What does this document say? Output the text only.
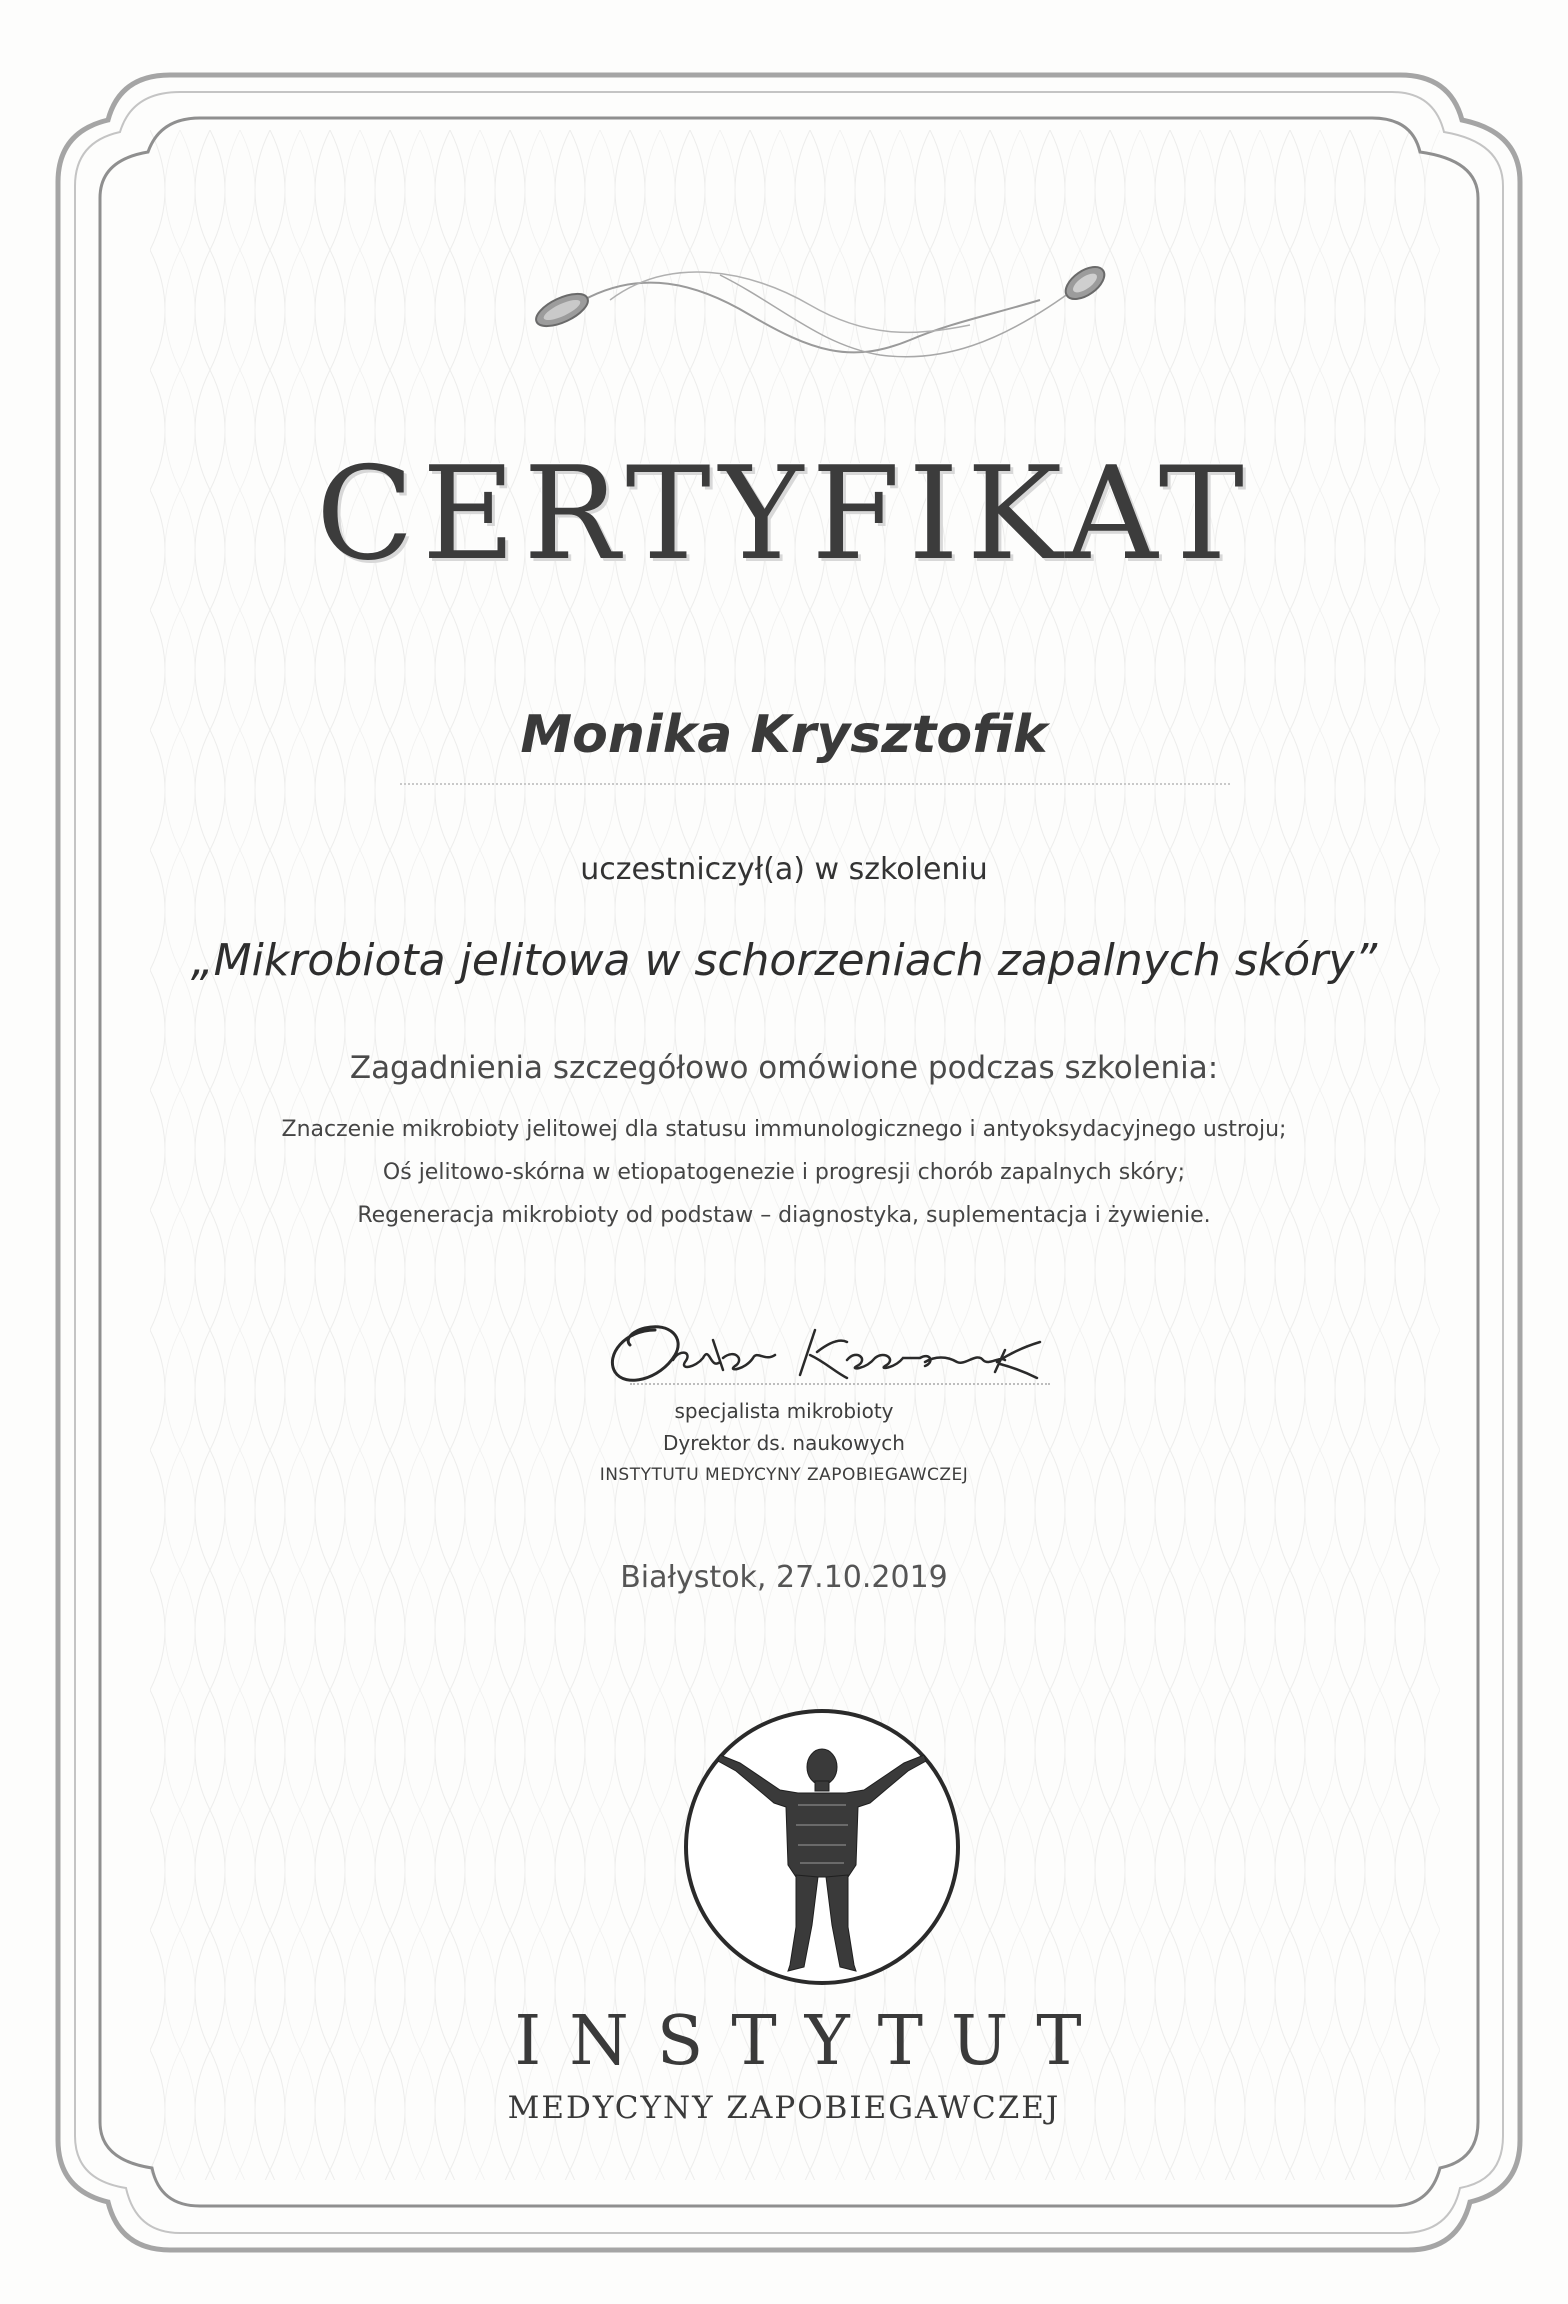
CERTYFIKAT
Monika Krysztofik
uczestniczył(a) w szkoleniu
„Mikrobiota jelitowa w schorzeniach zapalnych skóry”
Zagadnienia szczegółowo omówione podczas szkolenia:
Znaczenie mikrobioty jelitowej dla statusu immunologicznego i antyoksydacyjnego ustroju;
Oś jelitowo-skórna w etiopatogenezie i progresji chorób zapalnych skóry;
Regeneracja mikrobioty od podstaw – diagnostyka, suplementacja i żywienie.
specjalista mikrobioty
Dyrektor ds. naukowych
INSTYTUTU MEDYCYNY ZAPOBIEGAWCZEJ
Białystok, 27.10.2019
INSTYTUT
MEDYCYNY ZAPOBIEGAWCZEJ
